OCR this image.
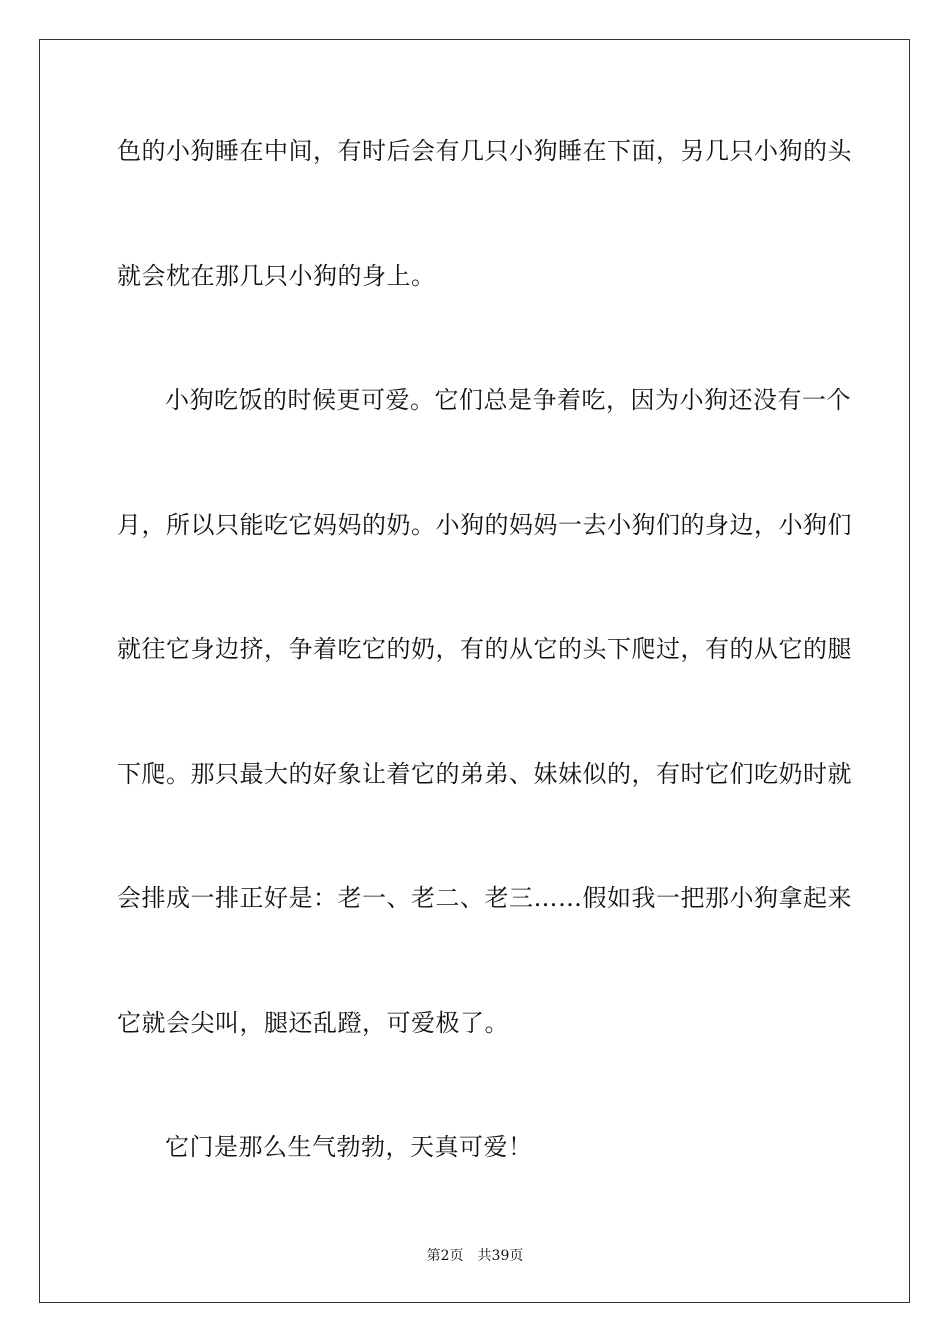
色的小狗睡在中间，有时后会有几只小狗睡在下面，另几只小狗的头
就会枕在那几只小狗的身上。
小狗吃饭的时候更可爱。它们总是争着吃，因为小狗还没有一个
月，所以只能吃它妈妈的奶。小狗的妈妈一去小狗们的身边，小狗们
就往它身边挤，争着吃它的奶，有的从它的头下爬过，有的从它的腿
下爬。那只最大的好象让着它的弟弟、妹妹似的，有时它们吃奶时就
会排成一排正好是：老一、老二、老三……假如我一把那小狗拿起来
它就会尖叫，腿还乱蹬，可爱极了。
它门是那么生气勃勃，天真可爱！
第2页 共39页
